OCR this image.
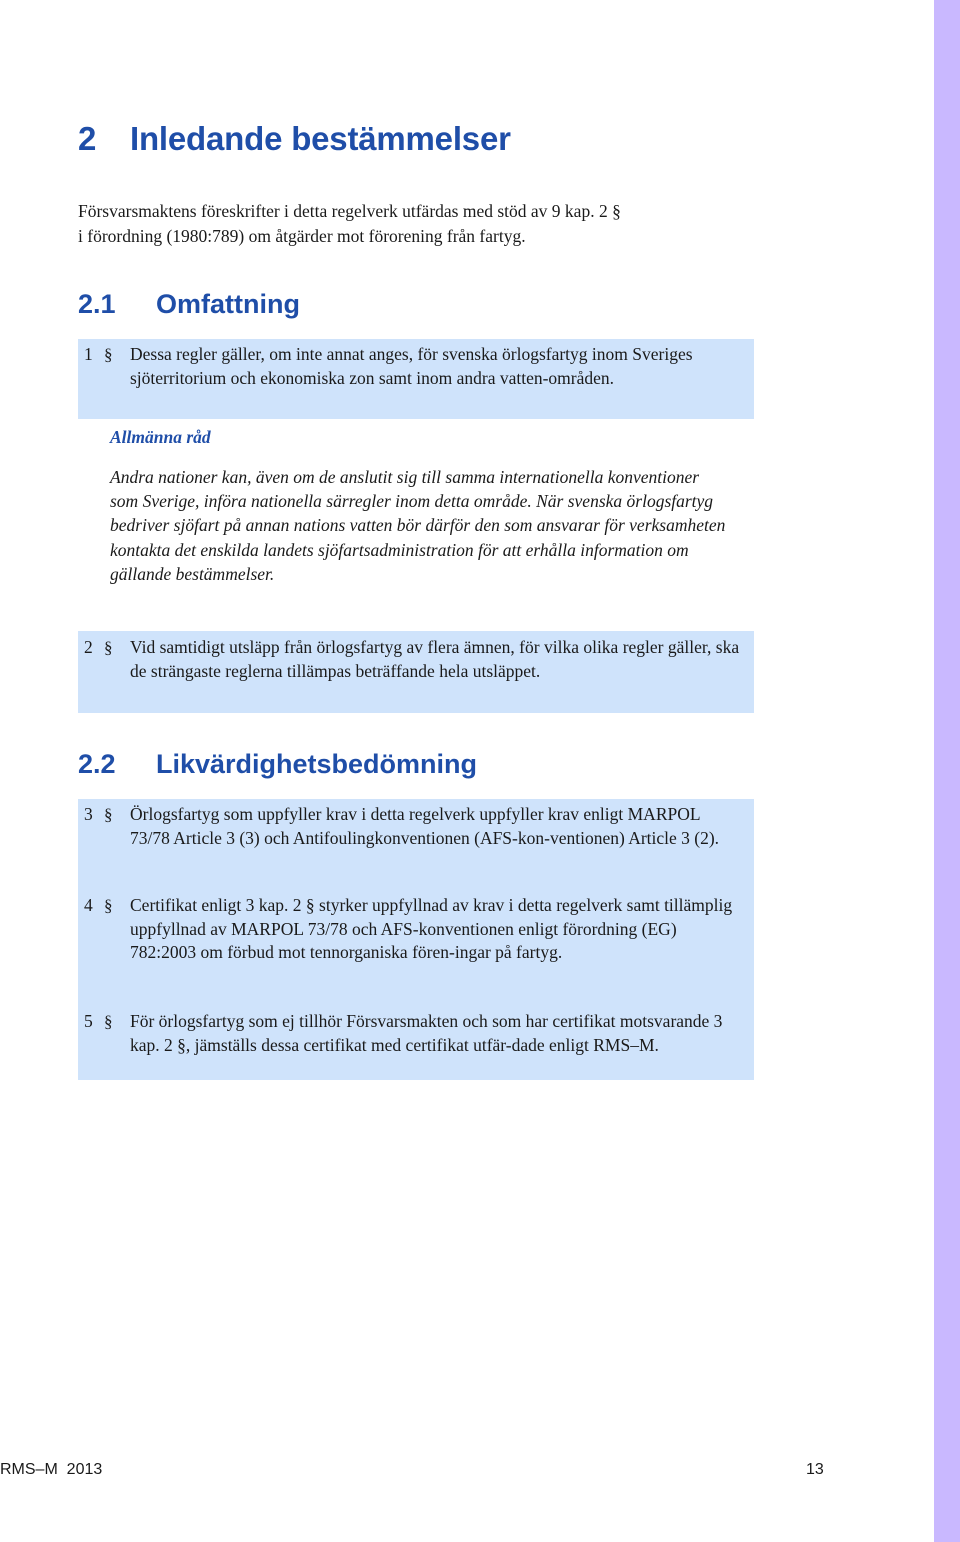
2 Inledande bestämmelser

Försvarsmaktens föreskrifter i detta regelverk utfärdas med stöd av 9 kap. 2 §
i förordning (1980:789) om åtgärder mot förorening från fartyg.

2.1 Omfattning

1 §	Dessa regler gäller, om inte annat anges, för svenska örlogsfartyg inom Sveriges sjöterritorium och ekonomiska zon samt inom andra vatten-områden.

Allmänna råd

Andra nationer kan, även om de anslutit sig till samma internationella konventioner som Sverige, införa nationella särregler inom detta område. När svenska örlogsfartyg bedriver sjöfart på annan nations vatten bör därför den som ansvarar för verksamheten kontakta det enskilda landets sjöfartsadministration för att erhålla information om gällande bestämmelser.

2 §	Vid samtidigt utsläpp från örlogsfartyg av flera ämnen, för vilka olika regler gäller, ska de strängaste reglerna tillämpas beträffande hela utsläppet.

2.2 Likvärdighetsbedömning

3 §	Örlogsfartyg som uppfyller krav i detta regelverk uppfyller krav enligt MARPOL 73/78 Article 3 (3) och Antifoulingkonventionen (AFS-kon-ventionen) Article 3 (2).

4 §	Certifikat enligt 3 kap. 2 § styrker uppfyllnad av krav i detta regelverk samt tillämplig uppfyllnad av MARPOL 73/78 och AFS-konventionen enligt förordning (EG) 782:2003 om förbud mot tennorganiska fören-ingar på fartyg.

5 §	För örlogsfartyg som ej tillhör Försvarsmakten och som har certifikat motsvarande 3 kap. 2 §, jämställs dessa certifikat med certifikat utfär-dade enligt RMS–M.

RMS–M  2013	13
